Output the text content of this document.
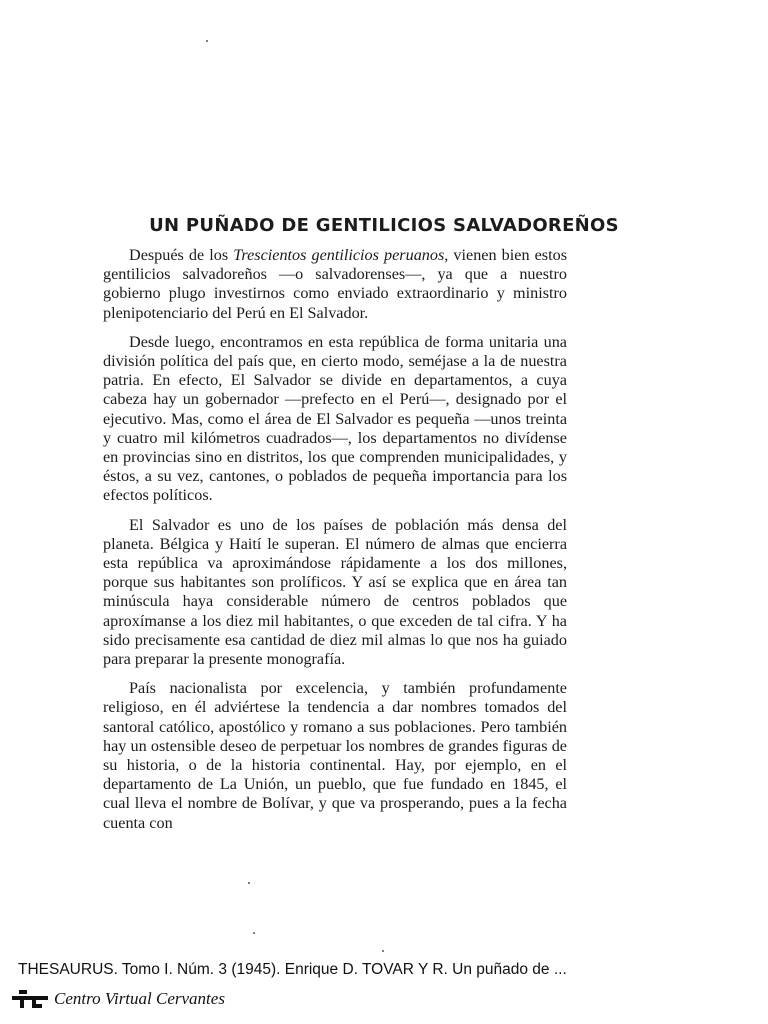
UN PUÑADO DE GENTILICIOS SALVADOREÑOS

Después de los Trescientos gentilicios peruanos, vienen bien estos gentilicios salvadoreños —o salvadorenses—, ya que a nuestro gobierno plugo investirnos como enviado extraordinario y ministro plenipotenciario del Perú en El Salvador.

Desde luego, encontramos en esta república de forma unitaria una división política del país que, en cierto modo, seméjase a la de nuestra patria. En efecto, El Salvador se divide en departamentos, a cuya cabeza hay un gobernador —prefecto en el Perú—, designado por el ejecutivo. Mas, como el área de El Salvador es pequeña —unos treinta y cuatro mil kilómetros cuadrados—, los departamentos no divídense en provincias sino en distritos, los que comprenden municipalidades, y éstos, a su vez, cantones, o poblados de pequeña importancia para los efectos políticos.

El Salvador es uno de los países de población más densa del planeta. Bélgica y Haití le superan. El número de almas que encierra esta república va aproximándose rápidamente a los dos millones, porque sus habitantes son prolíficos. Y así se explica que en área tan minúscula haya considerable número de centros poblados que aproxímanse a los diez mil habitantes, o que exceden de tal cifra. Y ha sido precisamente esa cantidad de diez mil almas lo que nos ha guiado para preparar la presente monografía.

País nacionalista por excelencia, y también profundamente religioso, en él adviértese la tendencia a dar nombres tomados del santoral católico, apostólico y romano a sus poblaciones. Pero también hay un ostensible deseo de perpetuar los nombres de grandes figuras de su historia, o de la historia continental. Hay, por ejemplo, en el departamento de La Unión, un pueblo, que fue fundado en 1845, el cual lleva el nombre de Bolívar, y que va prosperando, pues a la fecha cuenta con

THESAURUS. Tomo I. Núm. 3 (1945). Enrique D. TOVAR Y R. Un puñado de ...
Centro Virtual Cervantes
